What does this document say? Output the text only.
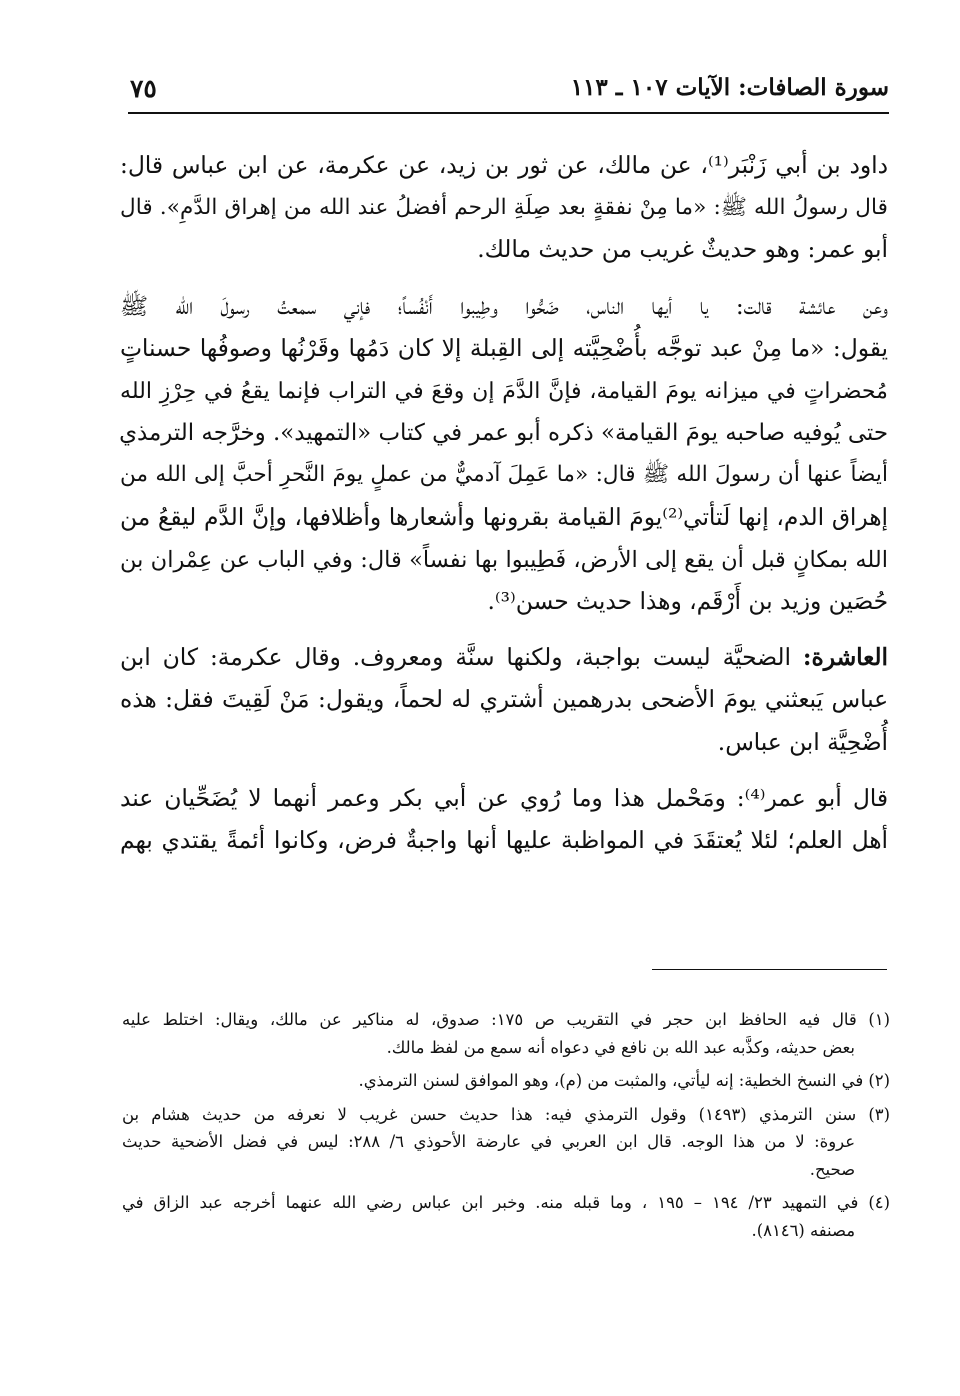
سورة الصافات: الآيات ١٠٧ ـ ١١٣
٧٥

داود بن أبي زَنْبَر⁽¹⁾، عن مالك، عن ثور بن زيد، عن عكرمة، عن ابن عباس قال:
قال رسولُ الله ﷺ: «ما مِنْ نفقةٍ بعد صِلَةِ الرحم أفضلُ عند الله من إهراق الدَّمِ». قال
أبو عمر: وهو حديثٌ غريب من حديث مالك.

وعن عائشة قالت: يا أيها الناس، ضَحُّوا وطِيبوا أَنْفُساً؛ فإني سمعتُ رسولَ الله ﷺ
يقول: «ما مِنْ عبد توجَّه بأُضْحِيَّته إلى القِبلة إلا كان دَمُها وقَرْنُها وصوفُها حسناتٍ
مُحضراتٍ في ميزانه يومَ القيامة، فإنَّ الدَّمَ إن وقعَ في التراب فإنما يقعُ في حِرْزِ الله
حتى يُوفيه صاحبه يومَ القيامة» ذكره أبو عمر في كتاب «التمهيد». وخرَّجه الترمذي
أيضاً عنها أن رسولَ الله ﷺ قال: «ما عَمِلَ آدميٌّ من عملٍ يومَ النَّحرِ أحبَّ إلى الله من
إهراق الدم، إنها لَتأتي⁽²⁾يومَ القيامة بقرونها وأشعارها وأظلافها، وإنَّ الدَّم ليقعُ من
الله بمكانٍ قبل أن يقع إلى الأرض، فَطِيبوا بها نفساً» قال: وفي الباب عن عِمْران بن
حُصَين وزيد بن أَرْقَم، وهذا حديث حسن⁽³⁾.

العاشرة: الضحيَّة ليست بواجبة، ولكنها سنَّة ومعروف. وقال عكرمة: كان ابن
عباس يَبعثني يومَ الأضحى بدرهمين أشتري له لحماً، ويقول: مَنْ لَقِيتَ فقل: هذه
أُضْحِيَّة ابن عباس.

قال أبو عمر⁽⁴⁾: ومَحْمل هذا وما رُوي عن أبي بكر وعمر أنهما لا يُضَحِّيان عند
أهل العلم؛ لئلا يُعتقَدَ في المواظبة عليها أنها واجبةٌ فرض، وكانوا أئمةً يقتدي بهم

(١) قال فيه الحافظ ابن حجر في التقريب ص ١٧٥: صدوق، له مناكير عن مالك، ويقال: اختلط عليه
بعض حديثه، وكذَّبه عبد الله بن نافع في دعواه أنه سمع من لفظ مالك.

(٢) في النسخ الخطية: إنه ليأتي، والمثبت من (م)، وهو الموافق لسنن الترمذي.

(٣) سنن الترمذي (١٤٩٣) وقول الترمذي فيه: هذا حديث حسن غريب لا نعرفه من حديث هشام بن
عروة: لا من هذا الوجه. قال ابن العربي في عارضة الأحوذي ٦/ ٢٨٨: ليس في فضل الأضحية حديث
صحيح.

(٤) في التمهيد ٢٣/ ١٩٤ – ١٩٥ ، وما قبله منه. وخبر ابن عباس رضي الله عنهما أخرجه عبد الزاق في
مصنفه (٨١٤٦).
